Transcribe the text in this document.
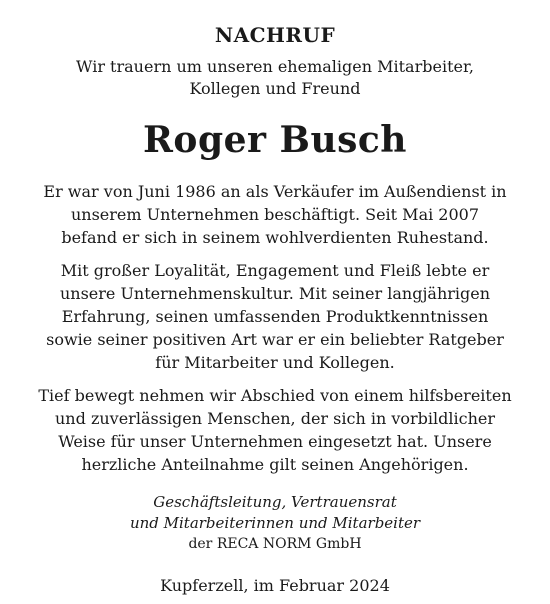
NACHRUF
Wir trauern um unseren ehemaligen Mitarbeiter,
Kollegen und Freund
Roger Busch
Er war von Juni 1986 an als Verkäufer im Außendienst in
unserem Unternehmen beschäftigt. Seit Mai 2007
befand er sich in seinem wohlverdienten Ruhestand.
Mit großer Loyalität, Engagement und Fleiß lebte er
unsere Unternehmenskultur. Mit seiner langjährigen
Erfahrung, seinen umfassenden Produktkenntnissen
sowie seiner positiven Art war er ein beliebter Ratgeber
für Mitarbeiter und Kollegen.
Tief bewegt nehmen wir Abschied von einem hilfsbereiten
und zuverlässigen Menschen, der sich in vorbildlicher
Weise für unser Unternehmen eingesetzt hat. Unsere
herzliche Anteilnahme gilt seinen Angehörigen.
Geschäftsleitung, Vertrauensrat
und Mitarbeiterinnen und Mitarbeiter
der RECA NORM GmbH
Kupferzell, im Februar 2024
